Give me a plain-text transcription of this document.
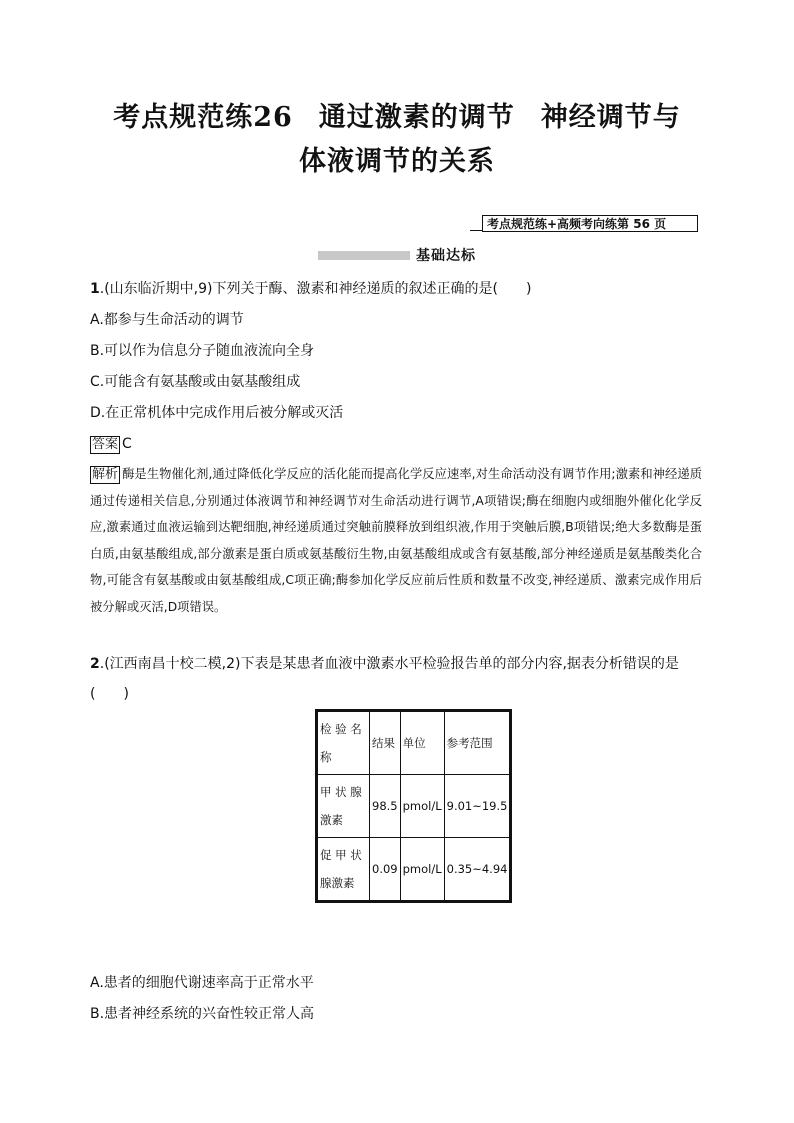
考点规范练26 通过激素的调节 神经调节与
体液调节的关系
考点规范练+高频考向练第 56 页
基础达标
1.(山东临沂期中,9)下列关于酶、激素和神经递质的叙述正确的是(　　)
A.都参与生命活动的调节
B.可以作为信息分子随血液流向全身
C.可能含有氨基酸或由氨基酸组成
D.在正常机体中完成作用后被分解或灭活
答案 C
解析 酶是生物催化剂,通过降低化学反应的活化能而提高化学反应速率,对生命活动没有调节作用;激素和神经递质通过传递相关信息,分别通过体液调节和神经调节对生命活动进行调节,A项错误;酶在细胞内或细胞外催化化学反应,激素通过血液运输到达靶细胞,神经递质通过突触前膜释放到组织液,作用于突触后膜,B项错误;绝大多数酶是蛋白质,由氨基酸组成,部分激素是蛋白质或氨基酸衍生物,由氨基酸组成或含有氨基酸,部分神经递质是氨基酸类化合物,可能含有氨基酸或由氨基酸组成,C项正确;酶参加化学反应前后性质和数量不改变,神经递质、激素完成作用后被分解或灭活,D项错误。
2.(江西南昌十校二模,2)下表是某患者血液中激素水平检验报告单的部分内容,据表分析错误的是
(　　)
检 验 名称	结果	单位	参考范围
甲 状 腺激素	98.5	pmol/L	9.01~19.5
促 甲 状腺激素	0.09	pmol/L	0.35~4.94
A.患者的细胞代谢速率高于正常水平
B.患者神经系统的兴奋性较正常人高
